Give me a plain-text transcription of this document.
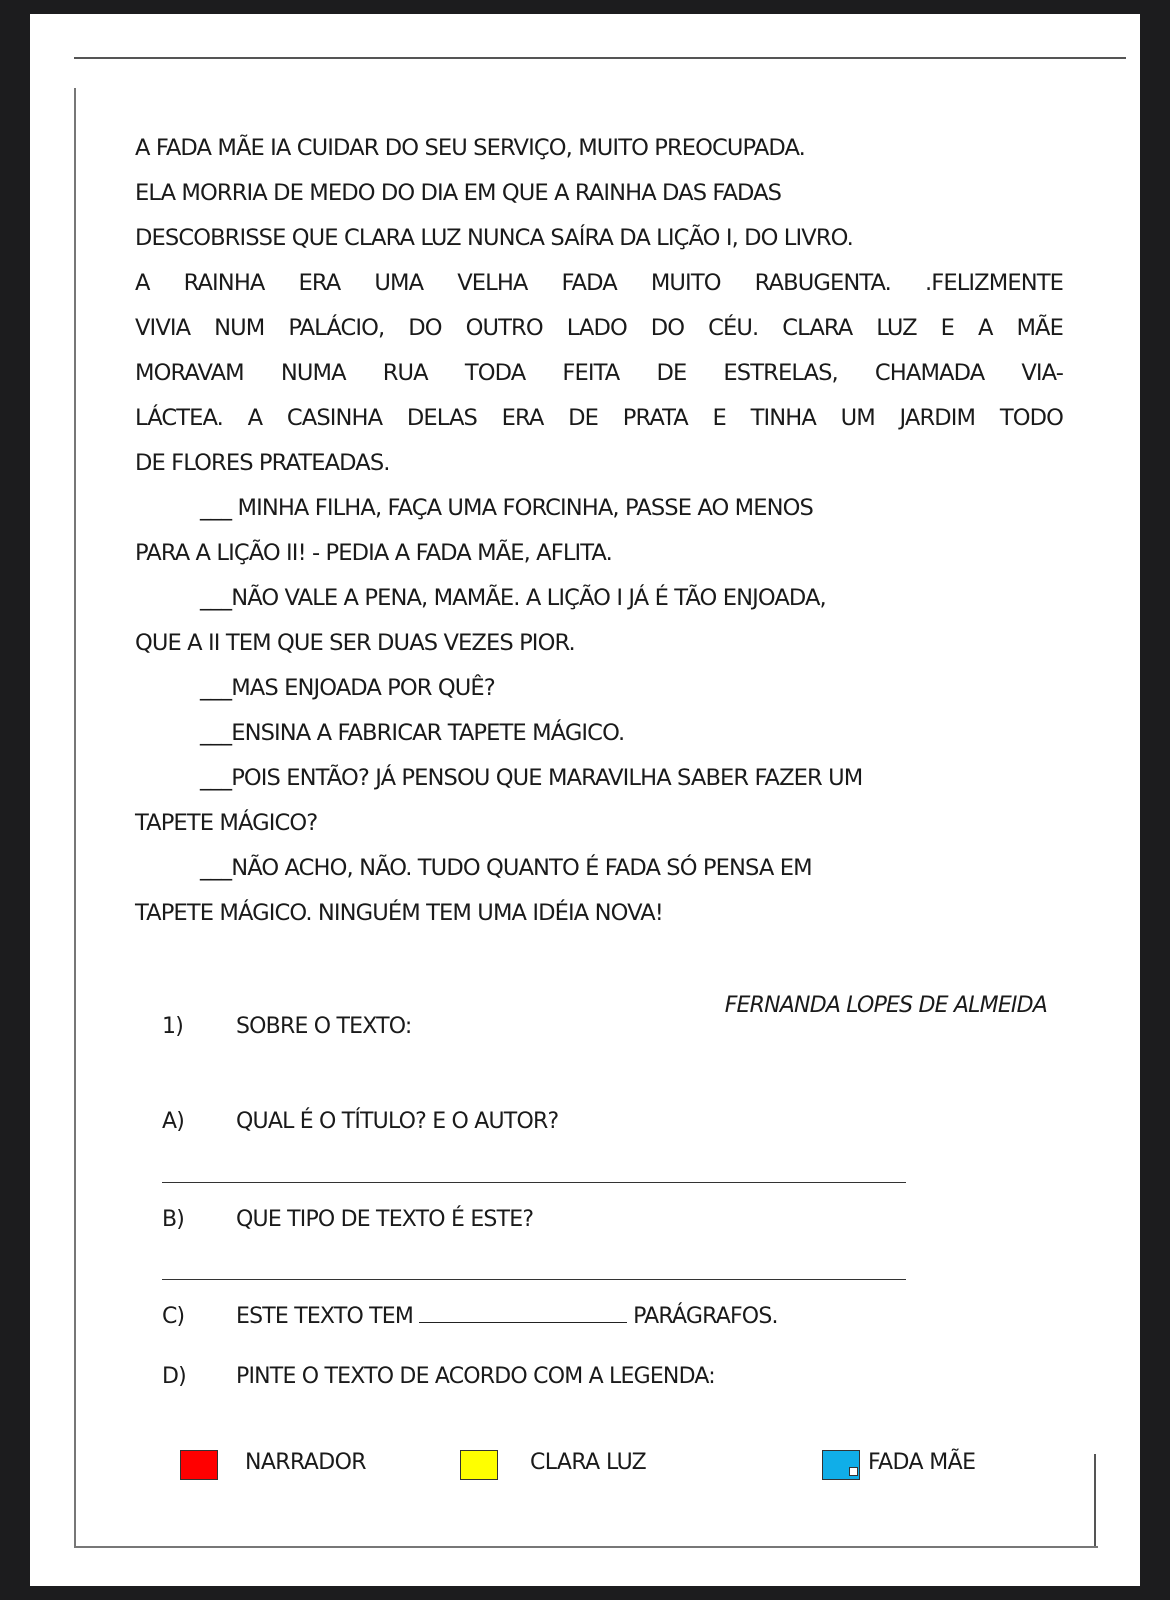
A FADA MÃE IA CUIDAR DO SEU SERVIÇO, MUITO PREOCUPADA.

ELA MORRIA DE MEDO DO DIA EM QUE A RAINHA DAS FADAS

DESCOBRISSE QUE CLARA LUZ NUNCA SAÍRA DA LIÇÃO I, DO LIVRO.

A RAINHA ERA UMA VELHA FADA MUITO RABUGENTA. .FELIZMENTE

VIVIA NUM PALÁCIO, DO OUTRO LADO DO CÉU. CLARA LUZ E A MÃE

MORAVAM NUMA RUA TODA FEITA DE ESTRELAS, CHAMADA VIA-

LÁCTEA. A CASINHA DELAS ERA DE PRATA E TINHA UM JARDIM TODO

DE FLORES PRATEADAS.

___ MINHA FILHA, FAÇA UMA FORCINHA, PASSE AO MENOS

PARA A LIÇÃO II! - PEDIA A FADA MÃE, AFLITA.

___NÃO VALE A PENA, MAMÃE. A LIÇÃO I JÁ É TÃO ENJOADA,

QUE A II TEM QUE SER DUAS VEZES PIOR.

___MAS ENJOADA POR QUÊ?

___ENSINA A FABRICAR TAPETE MÁGICO.

___POIS ENTÃO? JÁ PENSOU QUE MARAVILHA SABER FAZER UM

TAPETE MÁGICO?

___NÃO ACHO, NÃO. TUDO QUANTO É FADA SÓ PENSA EM

TAPETE MÁGICO. NINGUÉM TEM UMA IDÉIA NOVA!

FERNANDA LOPES DE ALMEIDA
1) SOBRE O TEXTO:
A) QUAL É O TÍTULO? E O AUTOR?
B) QUE TIPO DE TEXTO É ESTE?
C) ESTE TEXTO TEM	PARÁGRAFOS.
D) PINTE O TEXTO DE ACORDO COM A LEGENDA:
NARRADOR	CLARA LUZ	FADA MÃE
